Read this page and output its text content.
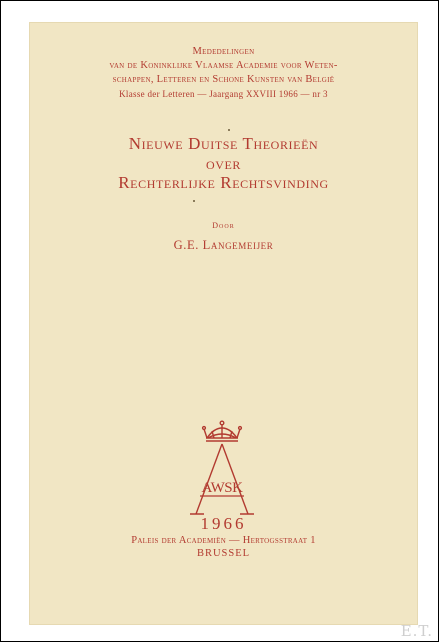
Mededelingen
van de Koninklijke Vlaamse Academie voor Weten-
schappen, Letteren en Schone Kunsten van België
Klasse der Letteren — Jaargang XXVIII 1966 — nr 3
Nieuwe Duitse Theorieën
over
Rechterlijke Rechtsvinding
Door
G.E. Langemeijer
AWSK
1966
Paleis der Academiën — Hertogsstraat 1
BRUSSEL
E.T.
